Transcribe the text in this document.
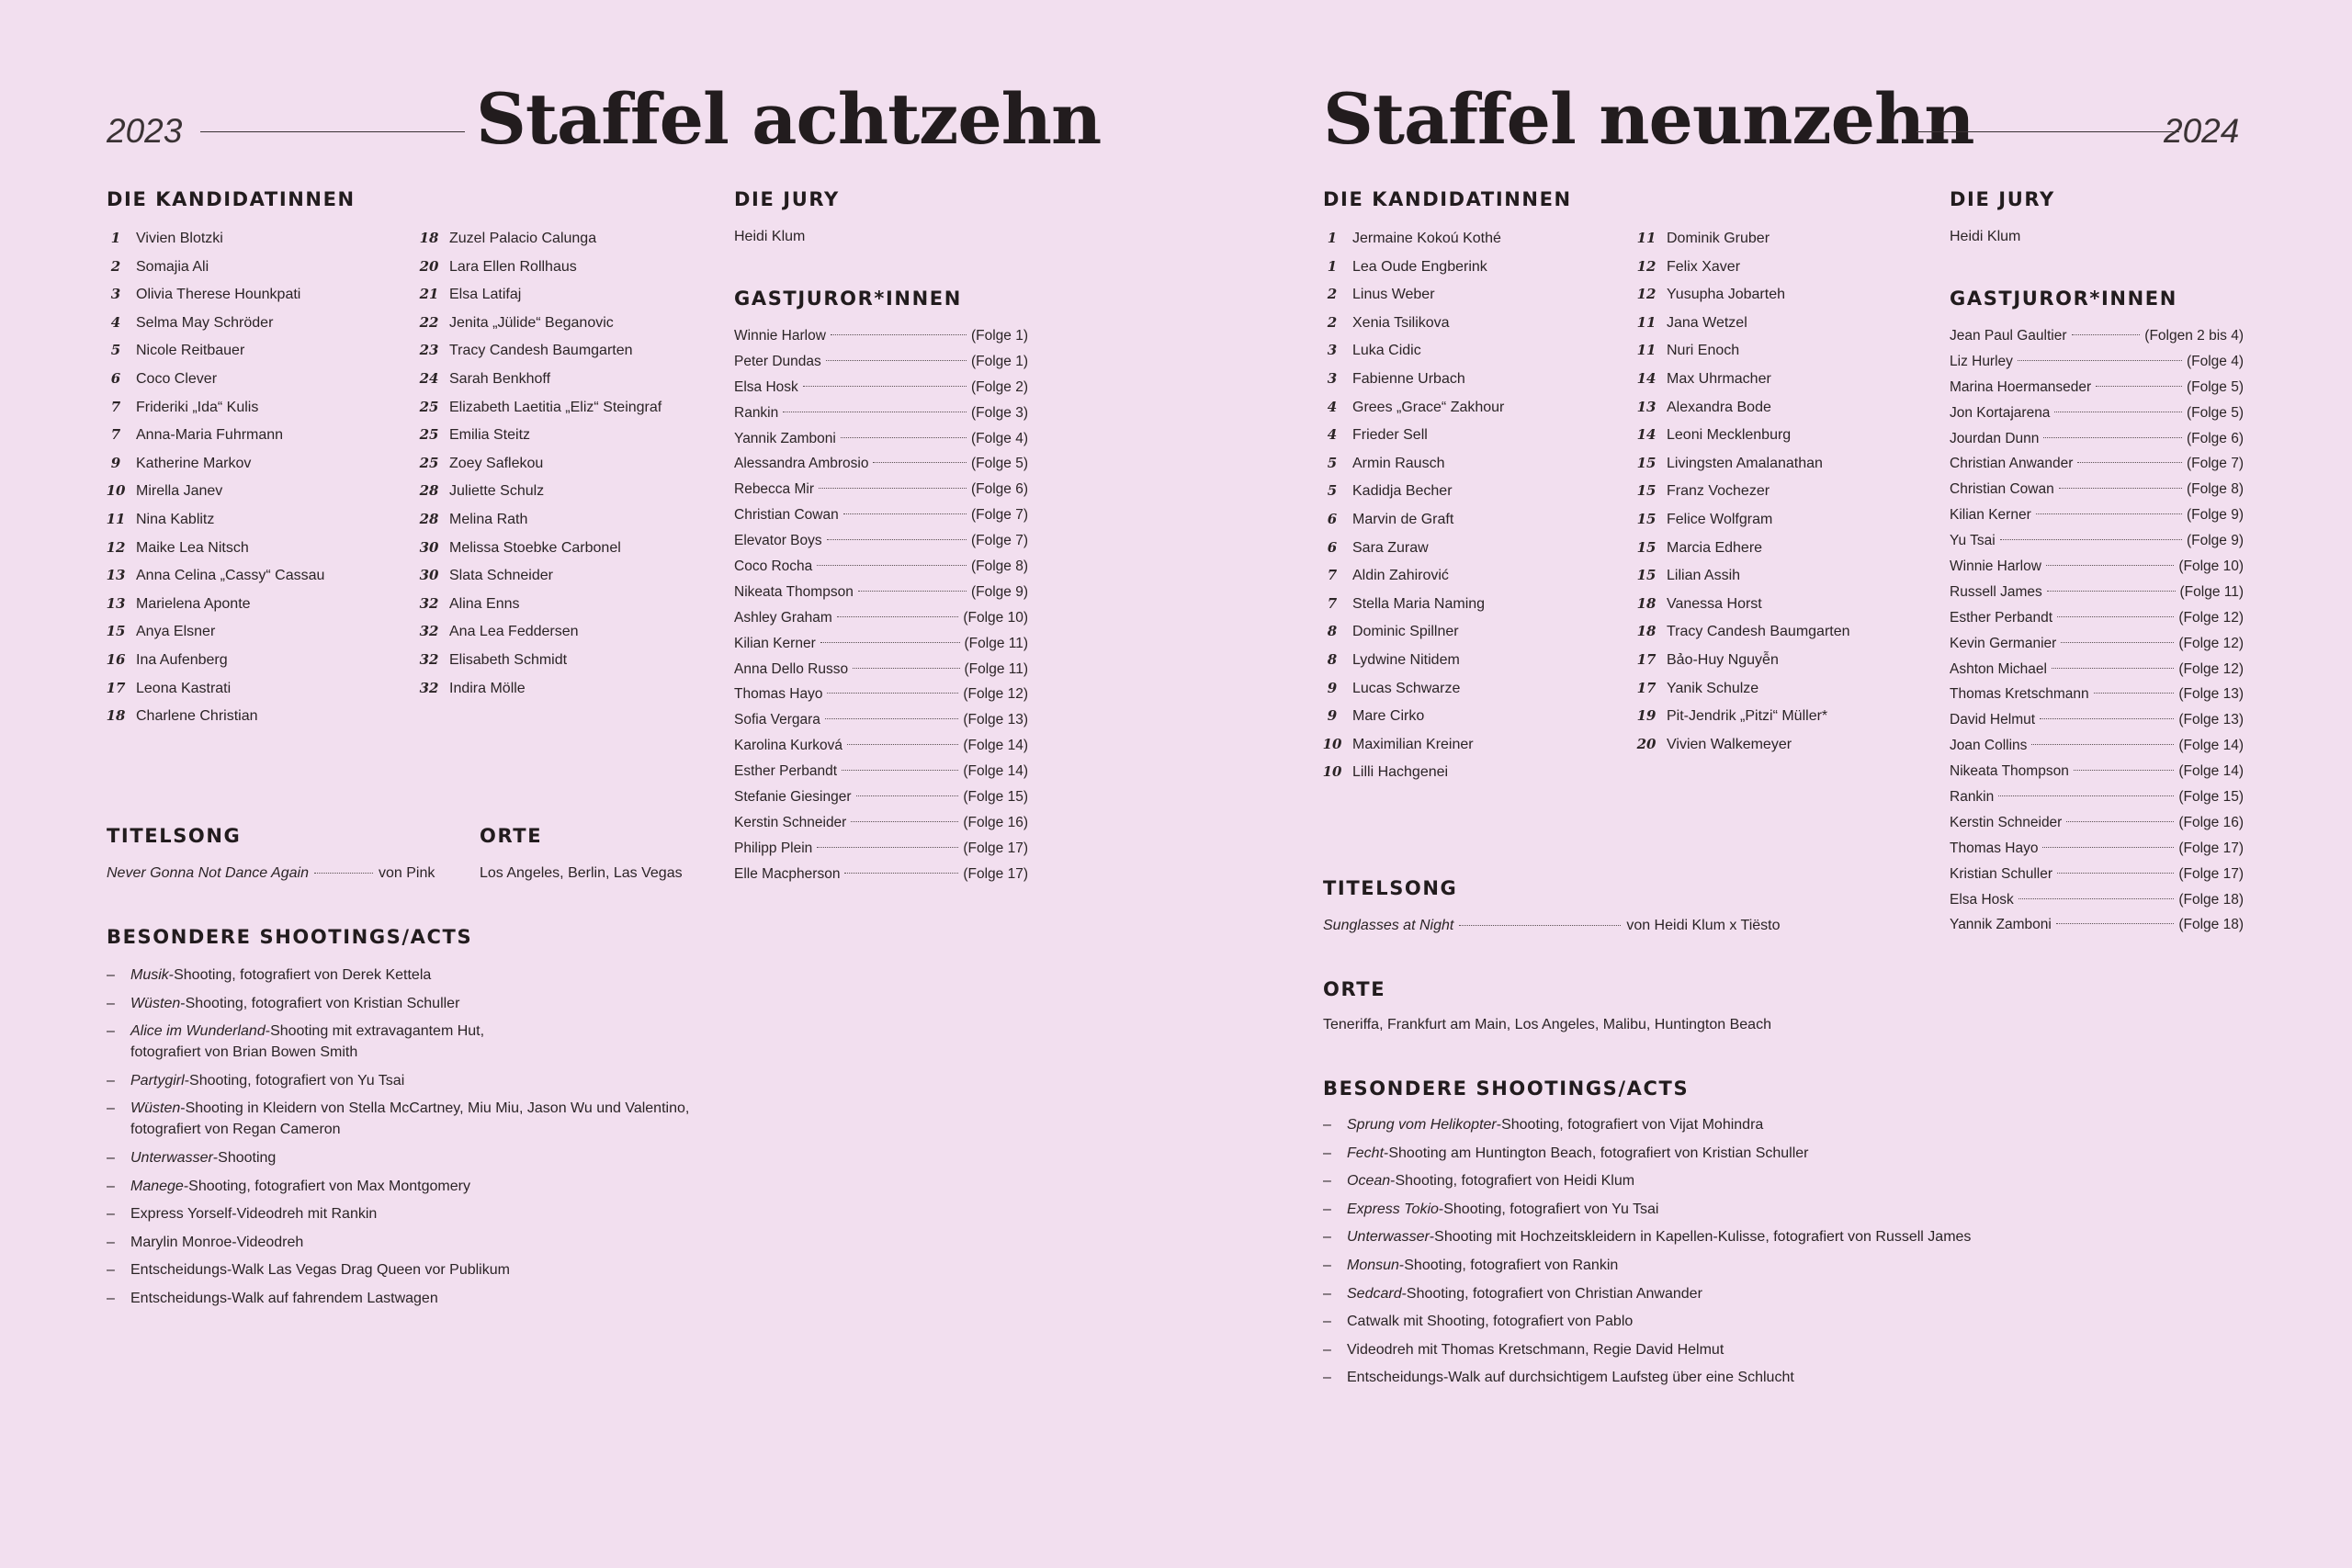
2023	Staffel achtzehn
DIE KANDIDATINNEN
1 Vivien Blotzki
2 Somajia Ali
3 Olivia Therese Hounkpati
4 Selma May Schröder
5 Nicole Reitbauer
6 Coco Clever
7 Frideriki „Ida“ Kulis
7 Anna-Maria Fuhrmann
9 Katherine Markov
10 Mirella Janev
11 Nina Kablitz
12 Maike Lea Nitsch
13 Anna Celina „Cassy“ Cassau
13 Marielena Aponte
15 Anya Elsner
16 Ina Aufenberg
17 Leona Kastrati
18 Charlene Christian
18 Zuzel Palacio Calunga
20 Lara Ellen Rollhaus
21 Elsa Latifaj
22 Jenita „Jülide“ Beganovic
23 Tracy Candesh Baumgarten
24 Sarah Benkhoff
25 Elizabeth Laetitia „Eliz“ Steingraf
25 Emilia Steitz
25 Zoey Saflekou
28 Juliette Schulz
28 Melina Rath
30 Melissa Stoebke Carbonel
30 Slata Schneider
32 Alina Enns
32 Ana Lea Feddersen
32 Elisabeth Schmidt
32 Indira Mölle
DIE JURY
Heidi Klum
GASTJUROR*INNEN
Winnie Harlow	(Folge 1)
Peter Dundas	(Folge 1)
Elsa Hosk	(Folge 2)
Rankin	(Folge 3)
Yannik Zamboni	(Folge 4)
Alessandra Ambrosio	(Folge 5)
Rebecca Mir	(Folge 6)
Christian Cowan	(Folge 7)
Elevator Boys	(Folge 7)
Coco Rocha	(Folge 8)
Nikeata Thompson	(Folge 9)
Ashley Graham	(Folge 10)
Kilian Kerner	(Folge 11)
Anna Dello Russo	(Folge 11)
Thomas Hayo	(Folge 12)
Sofia Vergara	(Folge 13)
Karolina Kurková	(Folge 14)
Esther Perbandt	(Folge 14)
Stefanie Giesinger	(Folge 15)
Kerstin Schneider	(Folge 16)
Philipp Plein	(Folge 17)
Elle Macpherson	(Folge 17)
TITELSONG
Never Gonna Not Dance Again	von Pink
ORTE
Los Angeles, Berlin, Las Vegas
BESONDERE SHOOTINGS/ACTS
– Musik-Shooting, fotografiert von Derek Kettela
– Wüsten-Shooting, fotografiert von Kristian Schuller
– Alice im Wunderland-Shooting mit extravagantem Hut,
fotografiert von Brian Bowen Smith
– Partygirl-Shooting, fotografiert von Yu Tsai
– Wüsten-Shooting in Kleidern von Stella McCartney, Miu Miu, Jason Wu und Valentino,
fotografiert von Regan Cameron
– Unterwasser-Shooting
– Manege-Shooting, fotografiert von Max Montgomery
– Express Yorself-Videodreh mit Rankin
– Marylin Monroe-Videodreh
– Entscheidungs-Walk Las Vegas Drag Queen vor Publikum
– Entscheidungs-Walk auf fahrendem Lastwagen
Staffel neunzehn	2024
DIE KANDIDATINNEN
1 Jermaine Kokoú Kothé
1 Lea Oude Engberink
2 Linus Weber
2 Xenia Tsilikova
3 Luka Cidic
3 Fabienne Urbach
4 Grees „Grace“ Zakhour
4 Frieder Sell
5 Armin Rausch
5 Kadidja Becher
6 Marvin de Graft
6 Sara Zuraw
7 Aldin Zahirović
7 Stella Maria Naming
8 Dominic Spillner
8 Lydwine Nitidem
9 Lucas Schwarze
9 Mare Cirko
10 Maximilian Kreiner
10 Lilli Hachgenei
11 Dominik Gruber
12 Felix Xaver
12 Yusupha Jobarteh
11 Jana Wetzel
11 Nuri Enoch
14 Max Uhrmacher
13 Alexandra Bode
14 Leoni Mecklenburg
15 Livingsten Amalanathan
15 Franz Vochezer
15 Felice Wolfgram
15 Marcia Edhere
15 Lilian Assih
18 Vanessa Horst
18 Tracy Candesh Baumgarten
17 Bảo-Huy Nguyễn
17 Yanik Schulze
19 Pit-Jendrik „Pitzi“ Müller*
20 Vivien Walkemeyer
DIE JURY
Heidi Klum
GASTJUROR*INNEN
Jean Paul Gaultier	(Folgen 2 bis 4)
Liz Hurley	(Folge 4)
Marina Hoermanseder	(Folge 5)
Jon Kortajarena	(Folge 5)
Jourdan Dunn	(Folge 6)
Christian Anwander	(Folge 7)
Christian Cowan	(Folge 8)
Kilian Kerner	(Folge 9)
Yu Tsai	(Folge 9)
Winnie Harlow	(Folge 10)
Russell James	(Folge 11)
Esther Perbandt	(Folge 12)
Kevin Germanier	(Folge 12)
Ashton Michael	(Folge 12)
Thomas Kretschmann	(Folge 13)
David Helmut	(Folge 13)
Joan Collins	(Folge 14)
Nikeata Thompson	(Folge 14)
Rankin	(Folge 15)
Kerstin Schneider	(Folge 16)
Thomas Hayo	(Folge 17)
Kristian Schuller	(Folge 17)
Elsa Hosk	(Folge 18)
Yannik Zamboni	(Folge 18)
TITELSONG
Sunglasses at Night	von Heidi Klum x Tiësto
ORTE
Teneriffa, Frankfurt am Main, Los Angeles, Malibu, Huntington Beach
BESONDERE SHOOTINGS/ACTS
– Sprung vom Helikopter-Shooting, fotografiert von Vijat Mohindra
– Fecht-Shooting am Huntington Beach, fotografiert von Kristian Schuller
– Ocean-Shooting, fotografiert von Heidi Klum
– Express Tokio-Shooting, fotografiert von Yu Tsai
– Unterwasser-Shooting mit Hochzeitskleidern in Kapellen-Kulisse, fotografiert von Russell James
– Monsun-Shooting, fotografiert von Rankin
– Sedcard-Shooting, fotografiert von Christian Anwander
– Catwalk mit Shooting, fotografiert von Pablo
– Videodreh mit Thomas Kretschmann, Regie David Helmut
– Entscheidungs-Walk auf durchsichtigem Laufsteg über eine Schlucht
